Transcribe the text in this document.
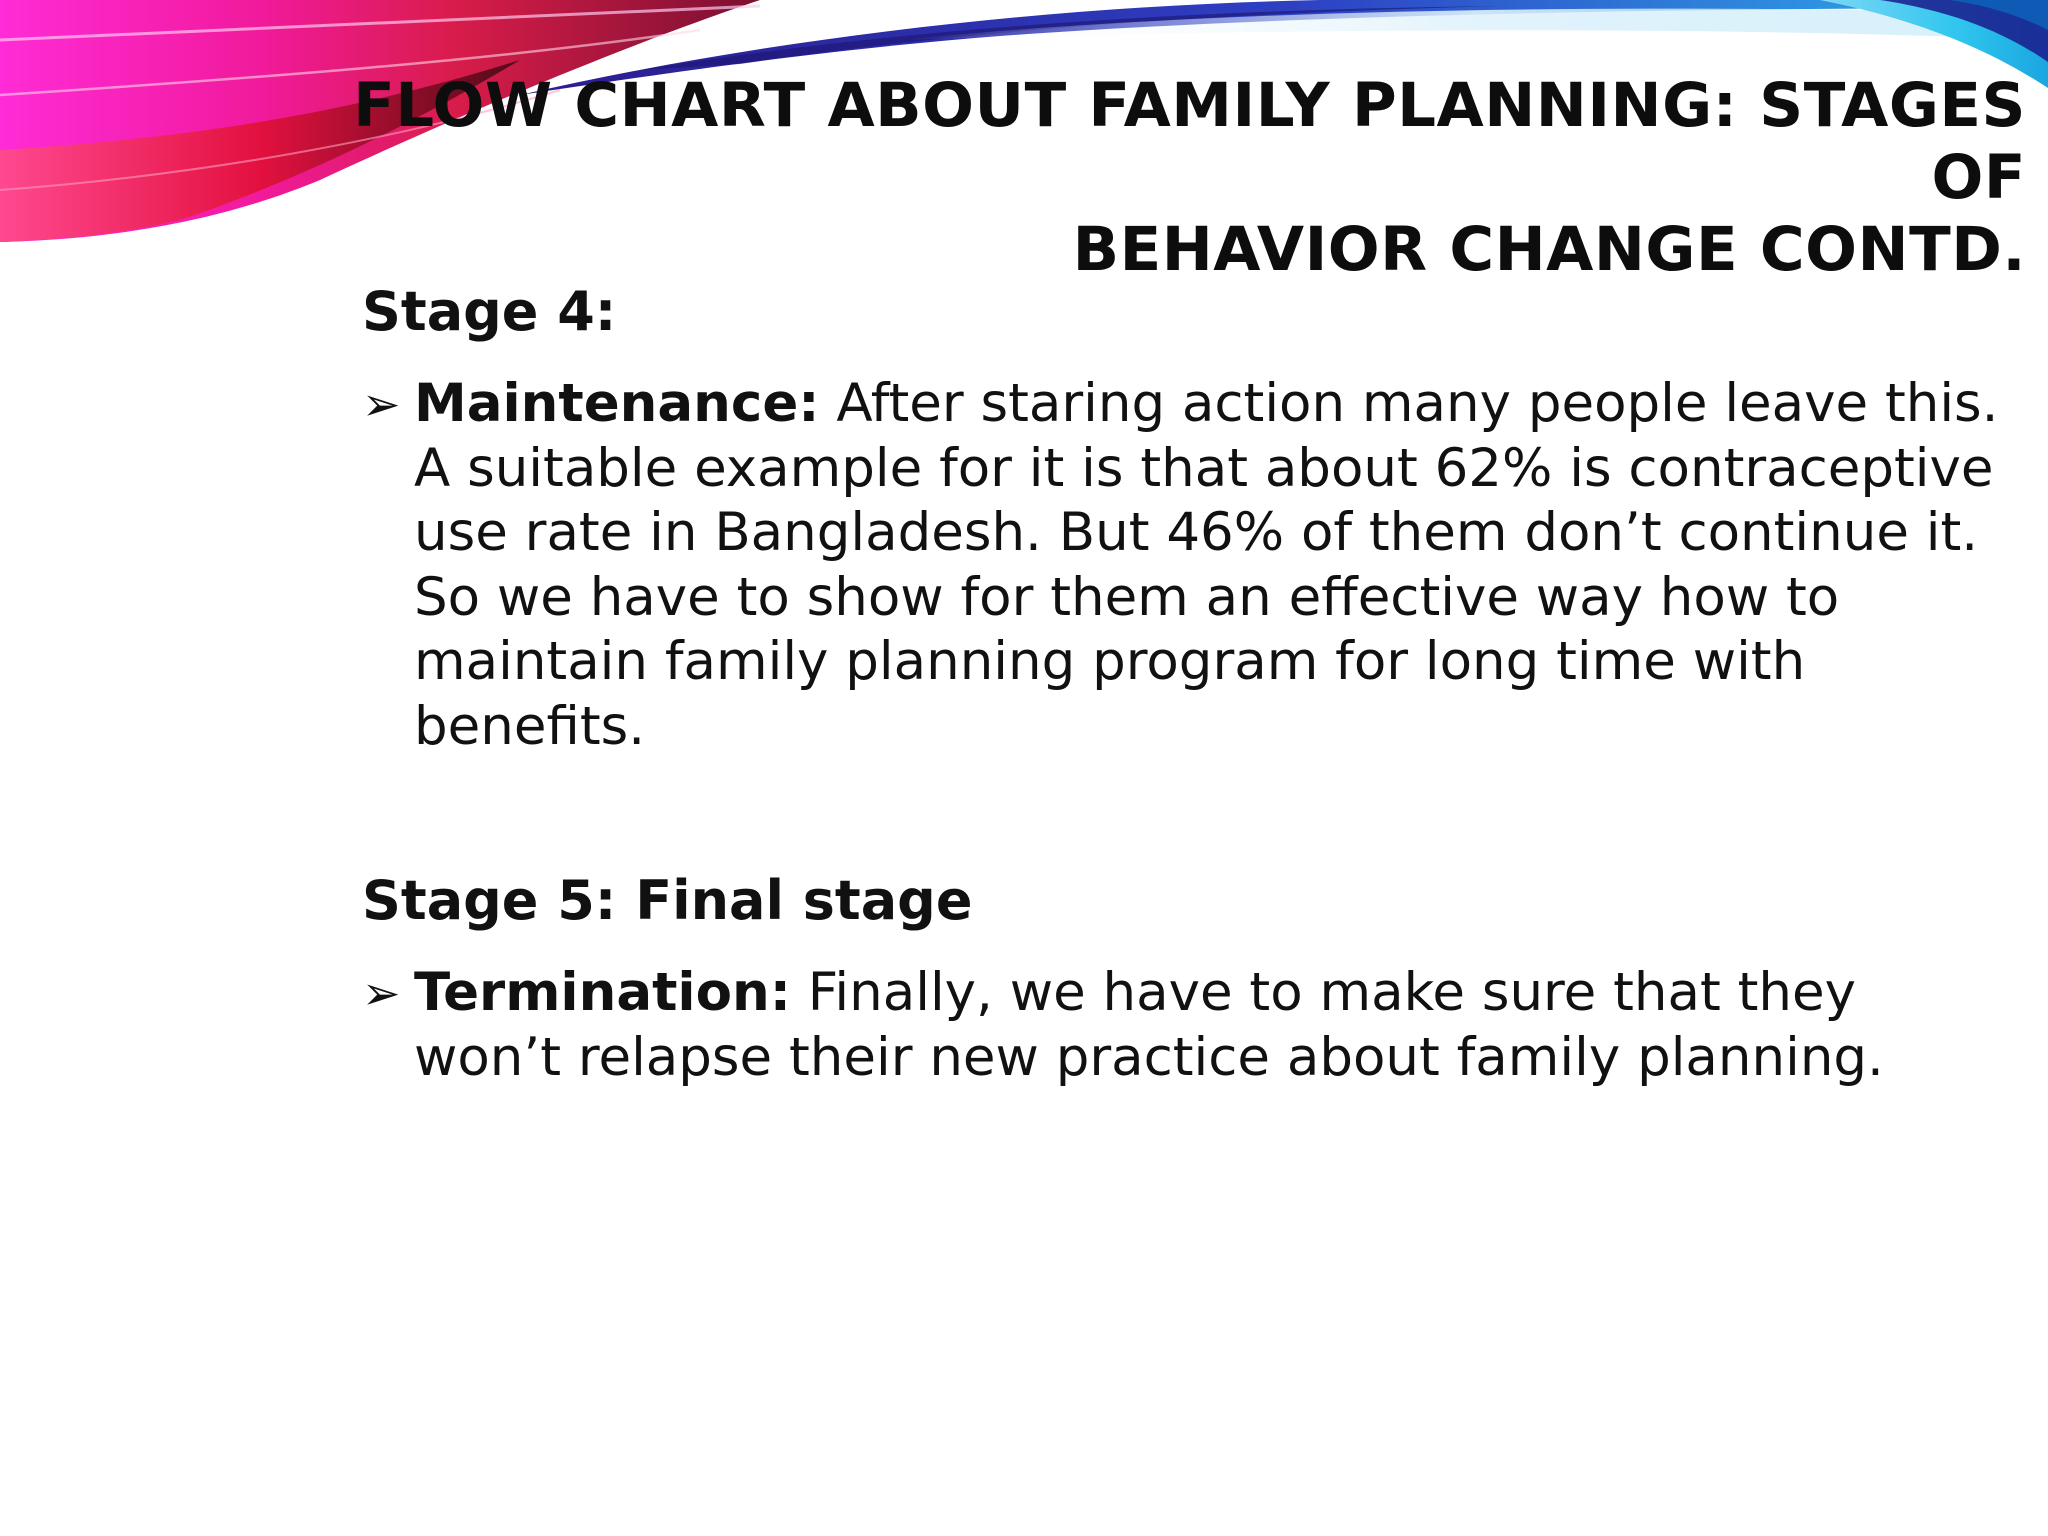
FLOW CHART ABOUT FAMILY PLANNING: STAGES OF
BEHAVIOR CHANGE CONTD.

Stage 4:

➢ Maintenance: After staring action many people leave this. A suitable example for it is that about 62% is contraceptive use rate in Bangladesh. But 46% of them don’t continue it. So we have to show for them an effective way how to maintain family planning program for long time with benefits.

Stage 5: Final stage

➢ Termination: Finally, we have to make sure that they won’t relapse their new practice about family planning.
